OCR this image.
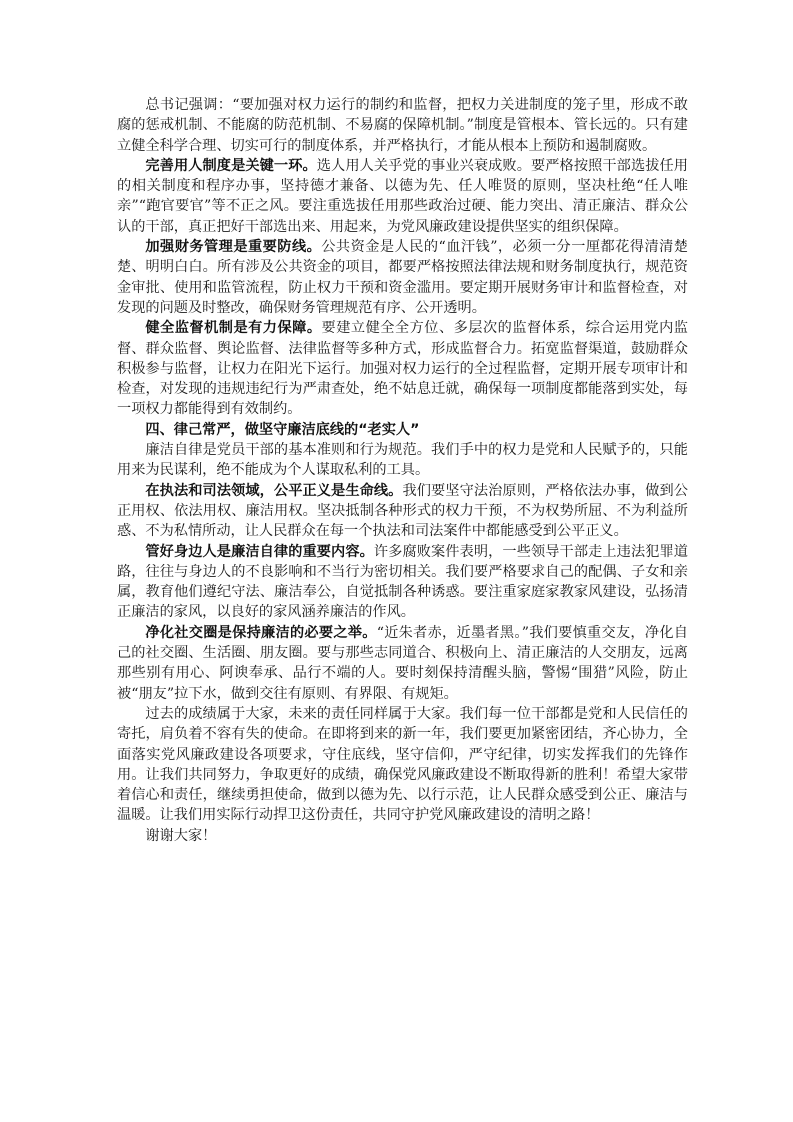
总书记强调：“要加强对权力运行的制约和监督，把权力关进制度的笼子里，形成不敢腐的惩戒机制、不能腐的防范机制、不易腐的保障机制。”制度是管根本、管长远的。只有建立健全科学合理、切实可行的制度体系，并严格执行，才能从根本上预防和遏制腐败。

完善用人制度是关键一环。选人用人关乎党的事业兴衰成败。要严格按照干部选拔任用的相关制度和程序办事，坚持德才兼备、以德为先、任人唯贤的原则，坚决杜绝“任人唯亲”“跑官要官”等不正之风。要注重选拔任用那些政治过硬、能力突出、清正廉洁、群众公认的干部，真正把好干部选出来、用起来，为党风廉政建设提供坚实的组织保障。

加强财务管理是重要防线。公共资金是人民的“血汗钱”，必须一分一厘都花得清清楚楚、明明白白。所有涉及公共资金的项目，都要严格按照法律法规和财务制度执行，规范资金审批、使用和监管流程，防止权力干预和资金滥用。要定期开展财务审计和监督检查，对发现的问题及时整改，确保财务管理规范有序、公开透明。

健全监督机制是有力保障。要建立健全全方位、多层次的监督体系，综合运用党内监督、群众监督、舆论监督、法律监督等多种方式，形成监督合力。拓宽监督渠道，鼓励群众积极参与监督，让权力在阳光下运行。加强对权力运行的全过程监督，定期开展专项审计和检查，对发现的违规违纪行为严肃查处，绝不姑息迁就，确保每一项制度都能落到实处，每一项权力都能得到有效制约。

四、律己常严，做坚守廉洁底线的“老实人”

廉洁自律是党员干部的基本准则和行为规范。我们手中的权力是党和人民赋予的，只能用来为民谋利，绝不能成为个人谋取私利的工具。

在执法和司法领域，公平正义是生命线。我们要坚守法治原则，严格依法办事，做到公正用权、依法用权、廉洁用权。坚决抵制各种形式的权力干预，不为权势所屈、不为利益所惑、不为私情所动，让人民群众在每一个执法和司法案件中都能感受到公平正义。

管好身边人是廉洁自律的重要内容。许多腐败案件表明，一些领导干部走上违法犯罪道路，往往与身边人的不良影响和不当行为密切相关。我们要严格要求自己的配偶、子女和亲属，教育他们遵纪守法、廉洁奉公，自觉抵制各种诱惑。要注重家庭家教家风建设，弘扬清正廉洁的家风，以良好的家风涵养廉洁的作风。

净化社交圈是保持廉洁的必要之举。“近朱者赤，近墨者黑。”我们要慎重交友，净化自己的社交圈、生活圈、朋友圈。要与那些志同道合、积极向上、清正廉洁的人交朋友，远离那些别有用心、阿谀奉承、品行不端的人。要时刻保持清醒头脑，警惕“围猎”风险，防止被“朋友”拉下水，做到交往有原则、有界限、有规矩。

过去的成绩属于大家，未来的责任同样属于大家。我们每一位干部都是党和人民信任的寄托，肩负着不容有失的使命。在即将到来的新一年，我们要更加紧密团结，齐心协力，全面落实党风廉政建设各项要求，守住底线，坚守信仰，严守纪律，切实发挥我们的先锋作用。让我们共同努力，争取更好的成绩，确保党风廉政建设不断取得新的胜利！希望大家带着信心和责任，继续勇担使命，做到以德为先、以行示范，让人民群众感受到公正、廉洁与温暖。让我们用实际行动捍卫这份责任，共同守护党风廉政建设的清明之路！

谢谢大家！
